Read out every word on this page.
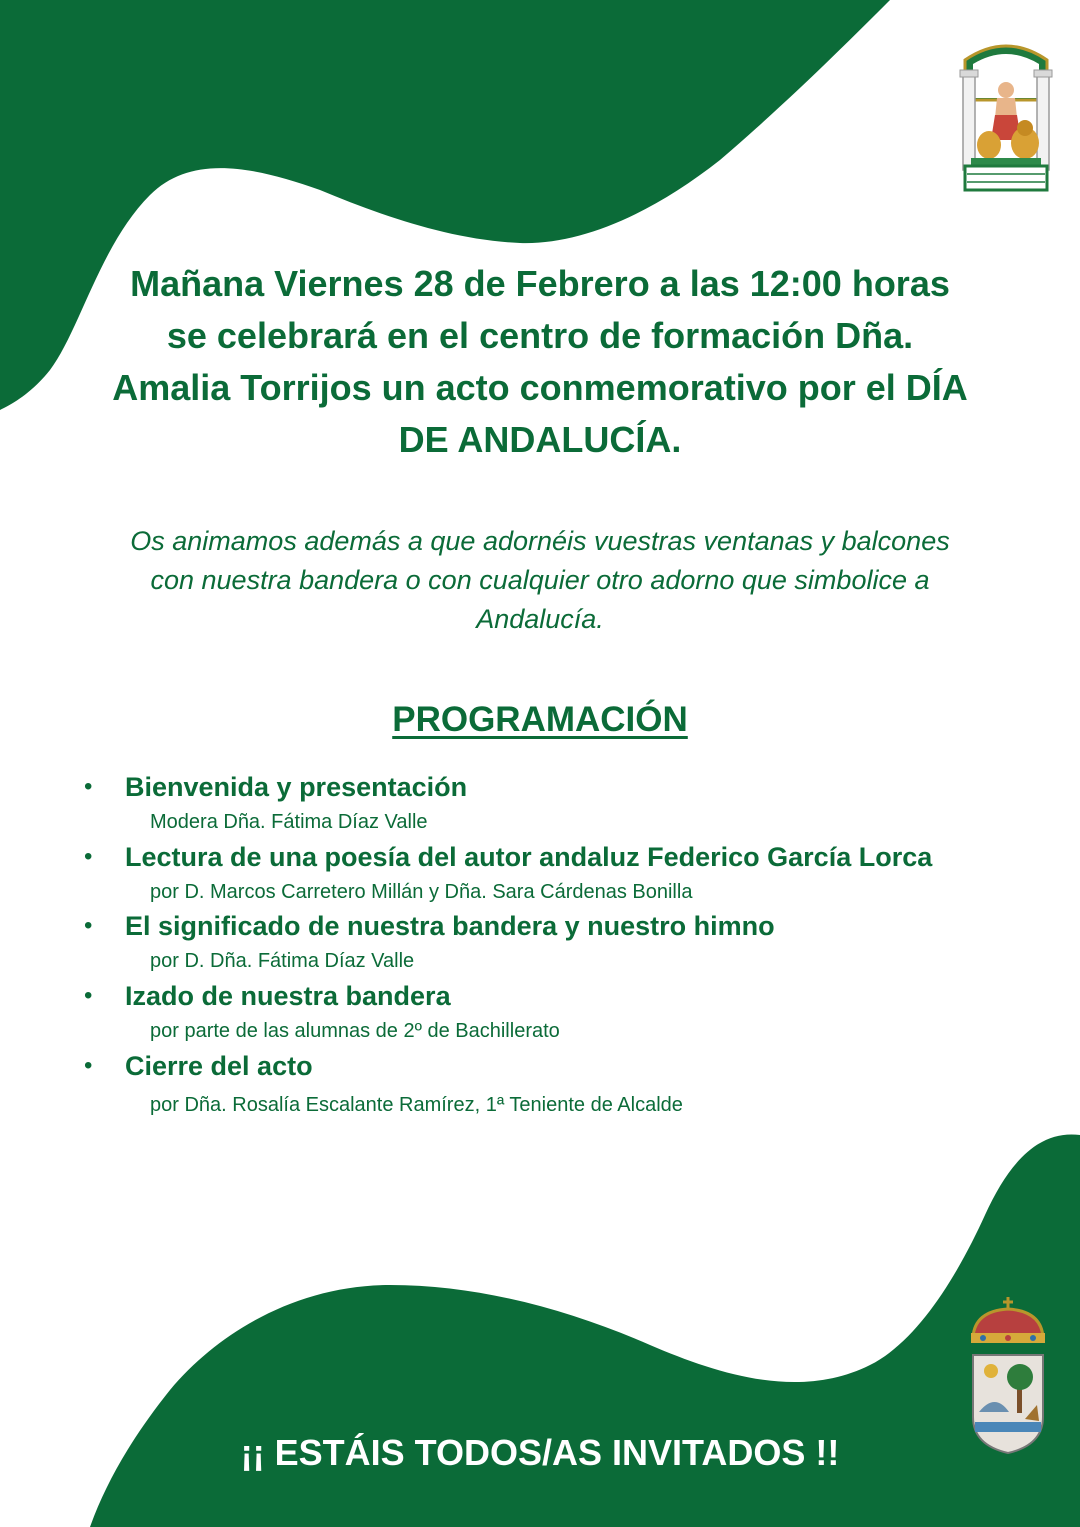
Mañana Viernes 28 de Febrero a las 12:00 horas
se celebrará en el centro de formación Dña.
Amalia Torrijos un acto conmemorativo por el DÍA
DE ANDALUCÍA.

Os animamos además a que adornéis vuestras ventanas y balcones
con nuestra bandera o con cualquier otro adorno que simbolice a
Andalucía.

PROGRAMACIÓN
• Bienvenida y presentación
Modera Dña. Fátima Díaz Valle
• Lectura de una poesía del autor andaluz Federico García Lorca
por D. Marcos Carretero Millán y Dña. Sara Cárdenas Bonilla
• El significado de nuestra bandera y nuestro himno
por D. Dña. Fátima Díaz Valle
• Izado de nuestra bandera
por parte de las alumnas de 2º de Bachillerato
• Cierre del acto
por Dña. Rosalía Escalante Ramírez, 1ª Teniente de Alcalde

¡¡ ESTÁIS TODOS/AS INVITADOS !!
